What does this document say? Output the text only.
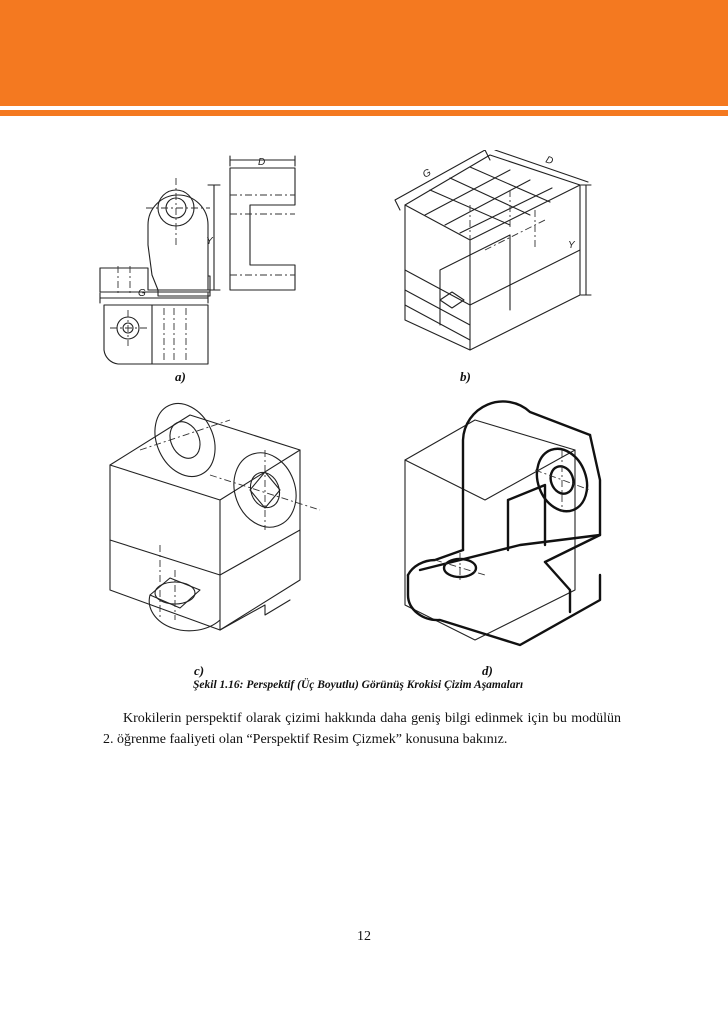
D
G
Y
G
D
Y
a)	b)
c)	d)
Şekil 1.16: Perspektif (Üç Boyutlu) Görünüş Krokisi Çizim Aşamaları

Krokilerin perspektif olarak çizimi hakkında daha geniş bilgi edinmek için bu modülün 2. öğrenme faaliyeti olan “Perspektif Resim Çizmek” konusuna bakınız.

12
